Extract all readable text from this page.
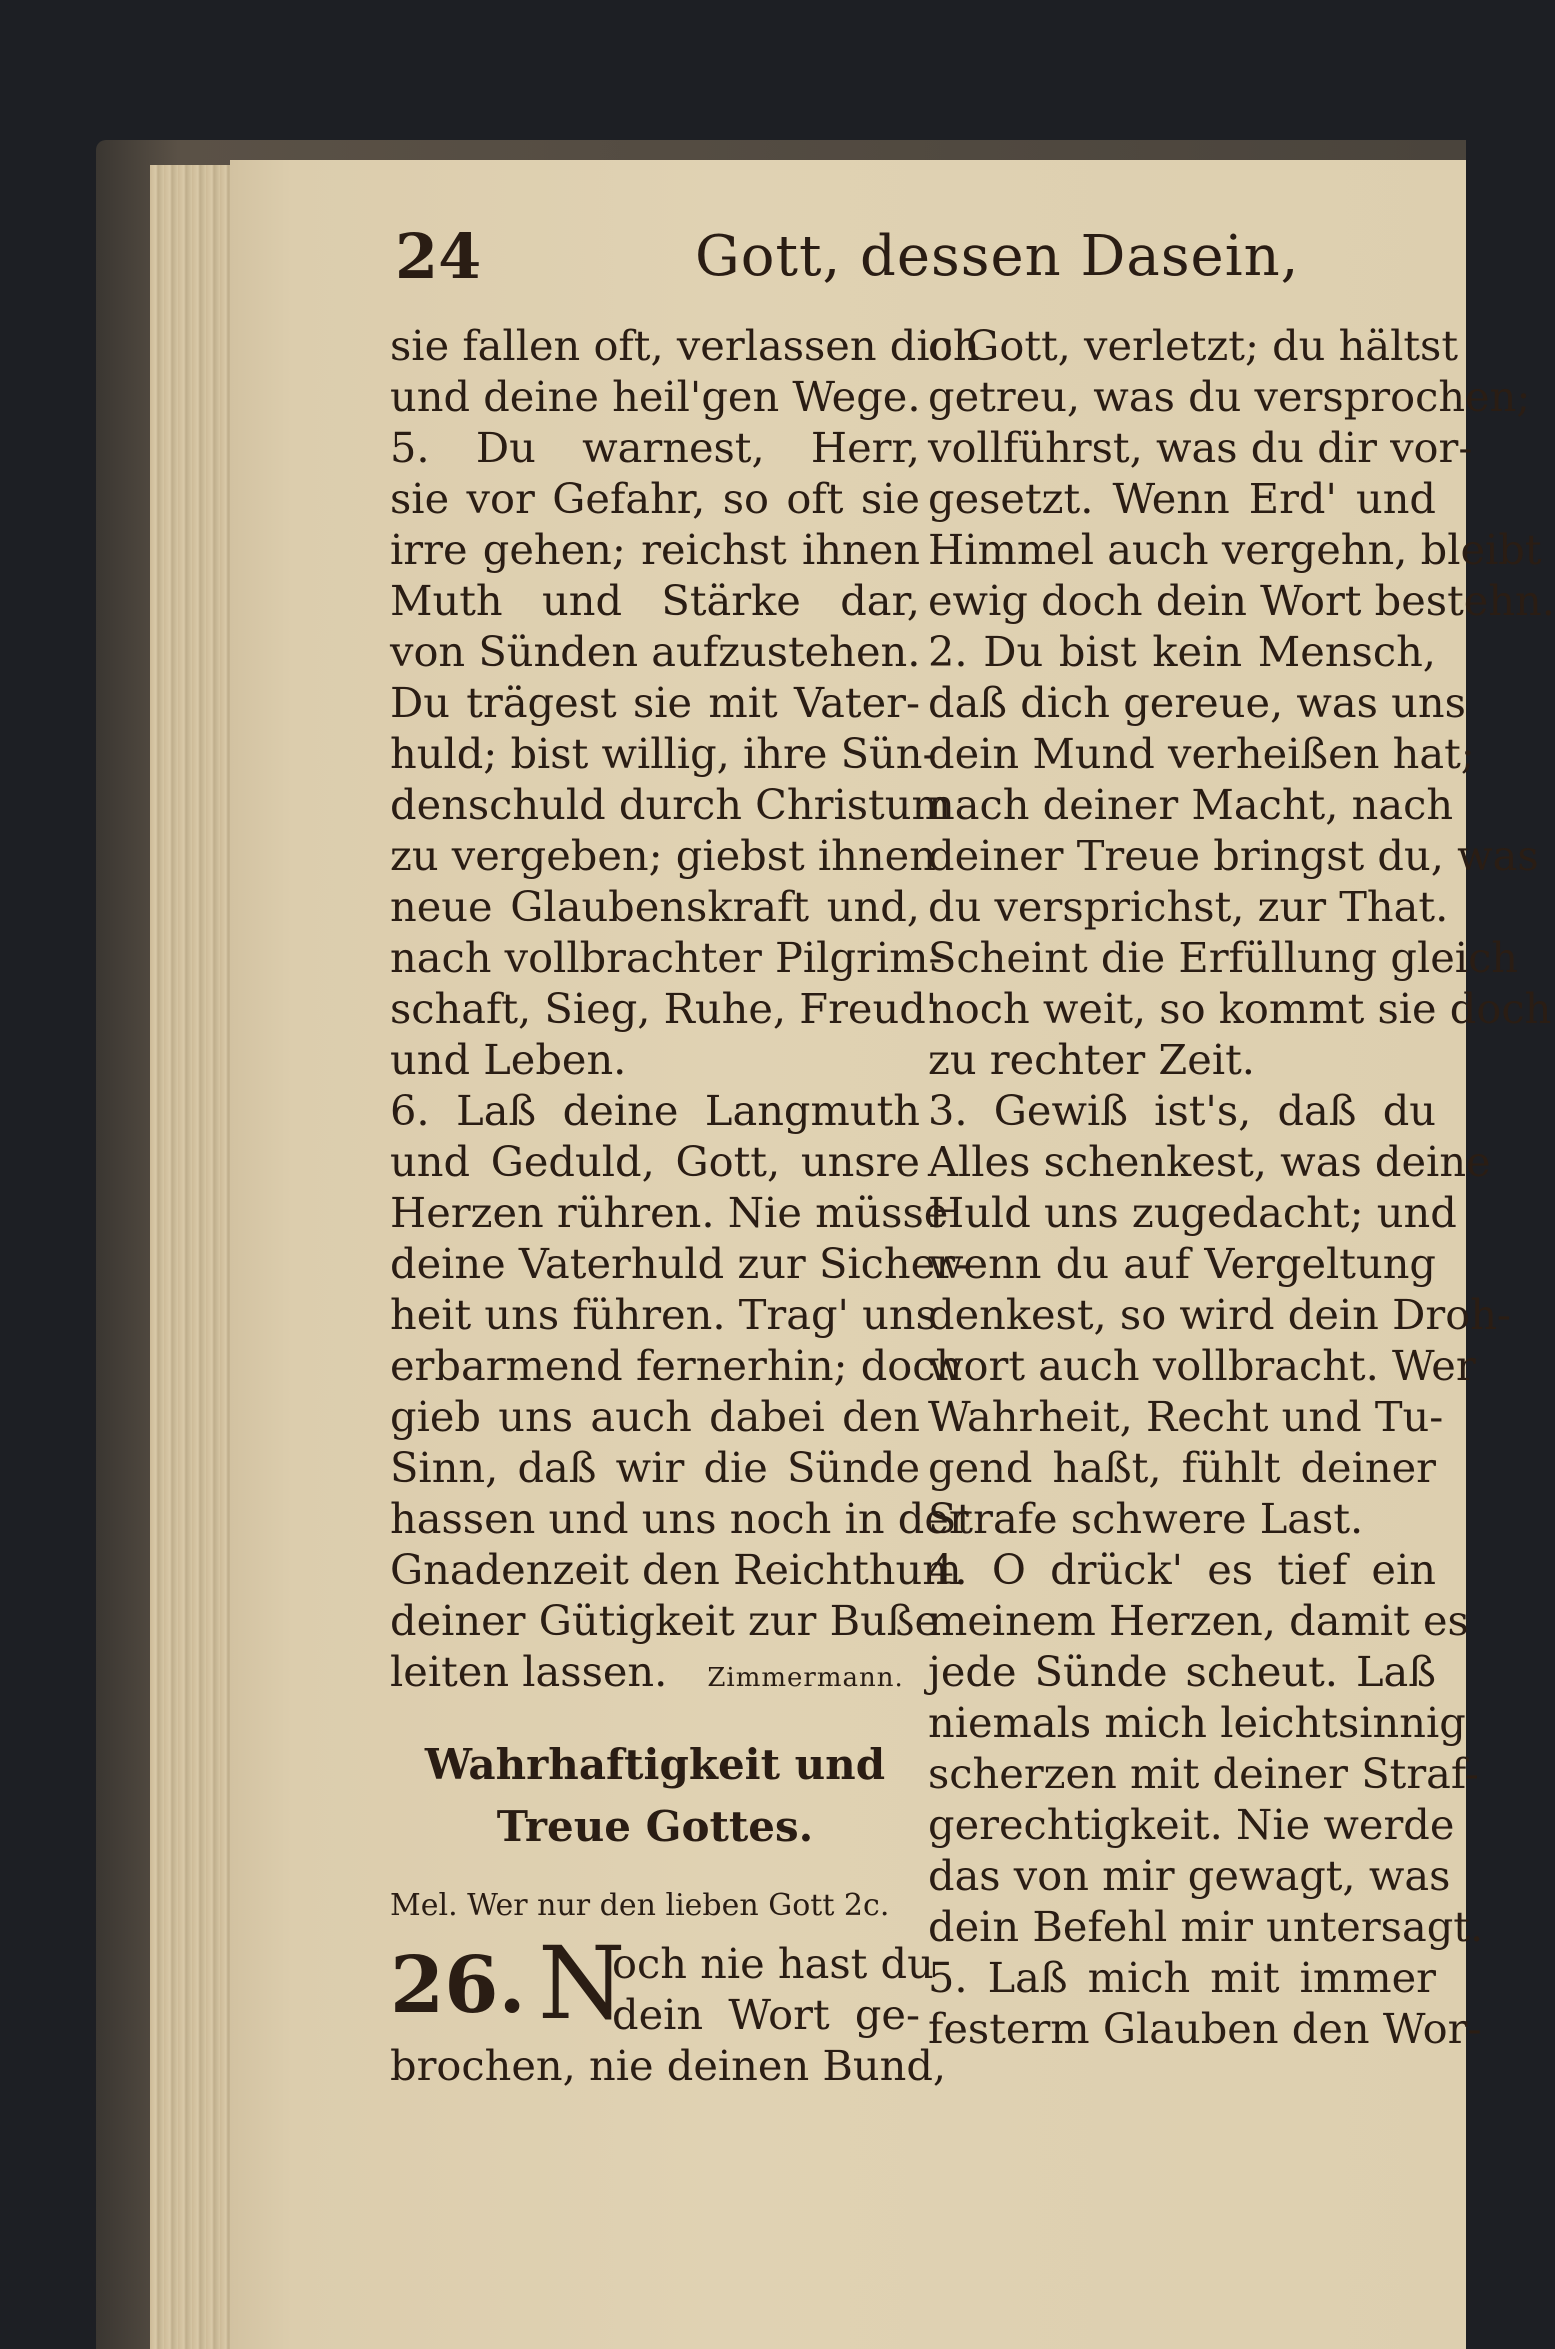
24	Gott, dessen Dasein,
sie fallen oft, verlassen dich
und deine heil'gen Wege.
5. Du warnest, Herr,
sie vor Gefahr, so oft sie
irre gehen; reichst ihnen
Muth und Stärke dar,
von Sünden aufzustehen.
Du trägest sie mit Vater-
huld; bist willig, ihre Sün-
denschuld durch Christum
zu vergeben; giebst ihnen
neue Glaubenskraft und,
nach vollbrachter Pilgrim-
schaft, Sieg, Ruhe, Freud'
und Leben.
6. Laß deine Langmuth
und Geduld, Gott, unsre
Herzen rühren. Nie müsse
deine Vaterhuld zur Sicher-
heit uns führen. Trag' uns
erbarmend fernerhin; doch
gieb uns auch dabei den
Sinn, daß wir die Sünde
hassen und uns noch in der
Gnadenzeit den Reichthum
deiner Gütigkeit zur Buße
leiten lassen. Zimmermann.
Wahrhaftigkeit und
Treue Gottes.
Mel. Wer nur den lieben Gott 2c.
26. N
och nie hast du
dein Wort ge-
brochen, nie deinen Bund,
o Gott, verletzt; du hältst
getreu, was du versprochen;
vollführst, was du dir vor-
gesetzt. Wenn Erd' und
Himmel auch vergehn, bleibt
ewig doch dein Wort bestehn.
2. Du bist kein Mensch,
daß dich gereue, was uns
dein Mund verheißen hat;
nach deiner Macht, nach
deiner Treue bringst du, was
du versprichst, zur That.
Scheint die Erfüllung gleich
noch weit, so kommt sie doch
zu rechter Zeit.
3. Gewiß ist's, daß du
Alles schenkest, was deine
Huld uns zugedacht; und
wenn du auf Vergeltung
denkest, so wird dein Droh-
wort auch vollbracht. Wer
Wahrheit, Recht und Tu-
gend haßt, fühlt deiner
Strafe schwere Last.
4. O drück' es tief ein
meinem Herzen, damit es
jede Sünde scheut. Laß
niemals mich leichtsinnig
scherzen mit deiner Straf-
gerechtigkeit. Nie werde
das von mir gewagt, was
dein Befehl mir untersagt.
5. Laß mich mit immer
festerm Glauben den Wor-
